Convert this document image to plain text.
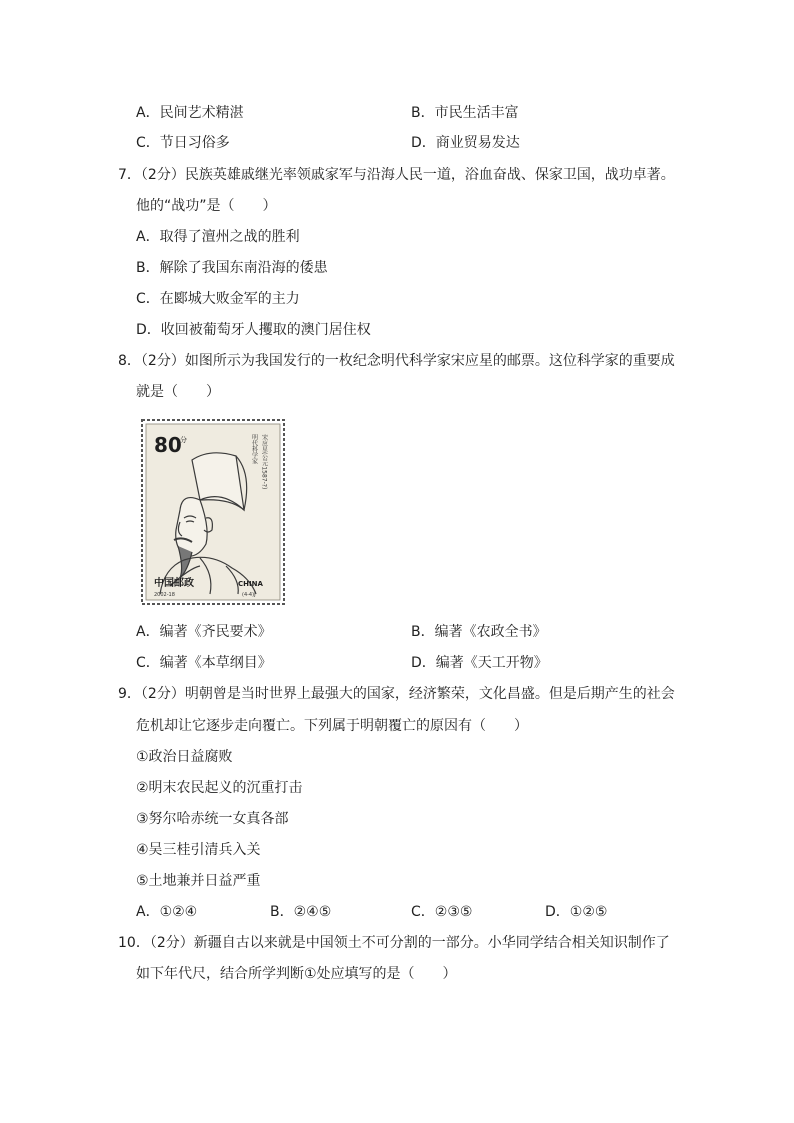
A．民间艺术精湛	B．市民生活丰富
C．节日习俗多	D．商业贸易发达
7．（2分）民族英雄戚继光率领戚家军与沿海人民一道，浴血奋战、保家卫国，战功卓著。
他的“战功”是（　　）
A．取得了澶州之战的胜利
B．解除了我国东南沿海的倭患
C．在郾城大败金军的主力
D．收回被葡萄牙人攫取的澳门居住权
8．（2分）如图所示为我国发行的一枚纪念明代科学家宋应星的邮票。这位科学家的重要成
就是（　　）
80
分	宋应星(公元1587-?)
明代科学家
中国邮政	CHINA
2002-18	(4-4)J
A．编著《齐民要术》	B．编著《农政全书》
C．编著《本草纲目》	D．编著《天工开物》
9．（2分）明朝曾是当时世界上最强大的国家，经济繁荣，文化昌盛。但是后期产生的社会
危机却让它逐步走向覆亡。下列属于明朝覆亡的原因有（　　）
①政治日益腐败
②明末农民起义的沉重打击
③努尔哈赤统一女真各部
④吴三桂引清兵入关
⑤土地兼并日益严重
A．①②④	B．②④⑤	C．②③⑤	D．①②⑤
10．（2分）新疆自古以来就是中国领土不可分割的一部分。小华同学结合相关知识制作了
如下年代尺，结合所学判断①处应填写的是（　　）
